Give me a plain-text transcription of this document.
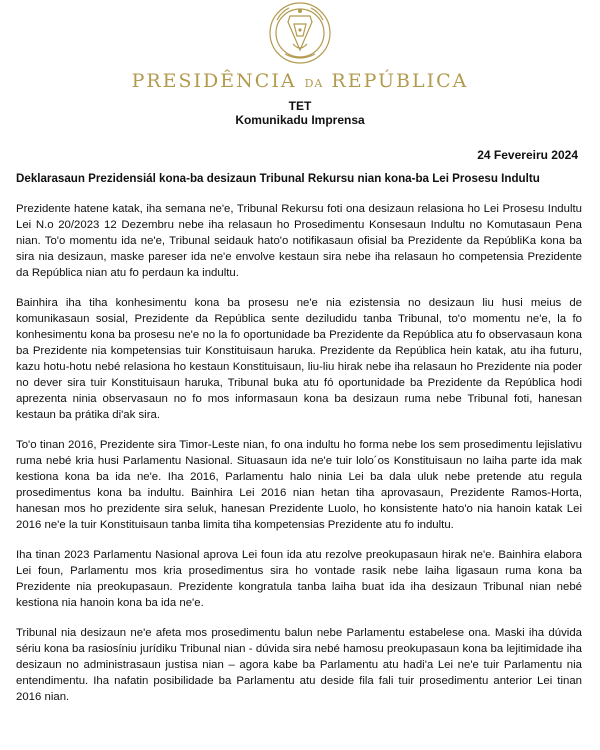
PRESIDÊNCIA DA REPÚBLICA
TET
Komunikadu Imprensa
24 Fevereiru 2024
Deklarasaun Prezidensiál kona-ba desizaun Tribunal Rekursu nian kona-ba Lei Prosesu Indultu

Prezidente hatene katak, iha semana ne'e, Tribunal Rekursu foti ona desizaun relasiona ho Lei Prosesu Indultu Lei N.o 20/2023 12 Dezembru nebe iha relasaun ho Prosedimentu Konsesaun Indultu no Komutasaun Pena nian. To'o momentu ida ne'e, Tribunal seidauk hato'o notifikasaun ofisial ba Prezidente da RepúbliKa kona ba sira nia desizaun, maske pareser ida ne'e envolve kestaun sira nebe iha relasaun ho competensia Prezidente da República nian atu fo perdaun ka indultu.

Bainhira iha tiha konhesimentu kona ba prosesu ne'e nia ezistensia no desizaun liu husi meius de komunikasaun sosial, Prezidente da República sente deziludidu tanba Tribunal, to'o momentu ne'e, la fo konhesimentu kona ba prosesu ne'e no la fo oportunidade ba Prezidente da República atu fo observasaun kona ba Prezidente nia kompetensias tuir Konstituisaun haruka. Prezidente da República hein katak, atu iha futuru, kazu hotu-hotu nebé relasiona ho kestaun Konstituisaun, liu-liu hirak nebe iha relasaun ho Prezidente nia poder no dever sira tuir Konstituisaun haruka, Tribunal buka atu fó oportunidade ba Prezidente da República hodi aprezenta ninia observasaun no fo mos informasaun kona ba desizaun ruma nebe Tribunal foti, hanesan kestaun ba prátika di'ak sira.

To'o tinan 2016, Prezidente sira Timor-Leste nian, fo ona indultu ho forma nebe los sem prosedimentu lejislativu ruma nebé kria husi Parlamentu Nasional. Situasaun ida ne'e tuir lolo´os Konstituisaun no laiha parte ida mak kestiona kona ba ida ne'e. Iha 2016, Parlamentu halo ninia Lei ba dala uluk nebe pretende atu regula prosedimentus kona ba indultu. Bainhira Lei 2016 nian hetan tiha aprovasaun, Prezidente Ramos-Horta, hanesan mos ho prezidente sira seluk, hanesan Prezidente Luolo, ho konsistente hato'o nia hanoin katak Lei 2016 ne'e la tuir Konstituisaun tanba limita tiha kompetensias Prezidente atu fo indultu.

Iha tinan 2023 Parlamentu Nasional aprova Lei foun ida atu rezolve preokupasaun hirak ne'e. Bainhira elabora Lei foun, Parlamentu mos kria prosedimentus sira ho vontade rasik nebe laiha ligasaun ruma kona ba Prezidente nia preokupasaun. Prezidente kongratula tanba laiha buat ida iha desizaun Tribunal nian nebé kestiona nia hanoin kona ba ida ne'e.

Tribunal nia desizaun ne'e afeta mos prosedimentu balun nebe Parlamentu estabelese ona. Maski iha dúvida sériu kona ba rasiosíniu jurídiku Tribunal nian - dúvida sira nebé hamosu preokupasaun kona ba lejitimidade iha desizaun no administrasaun justisa nian – agora kabe ba Parlamentu atu hadi'a Lei ne'e tuir Parlamentu nia entendimentu. Iha nafatin posibilidade ba Parlamentu atu deside fila fali tuir prosedimentu anterior Lei tinan 2016 nian.
